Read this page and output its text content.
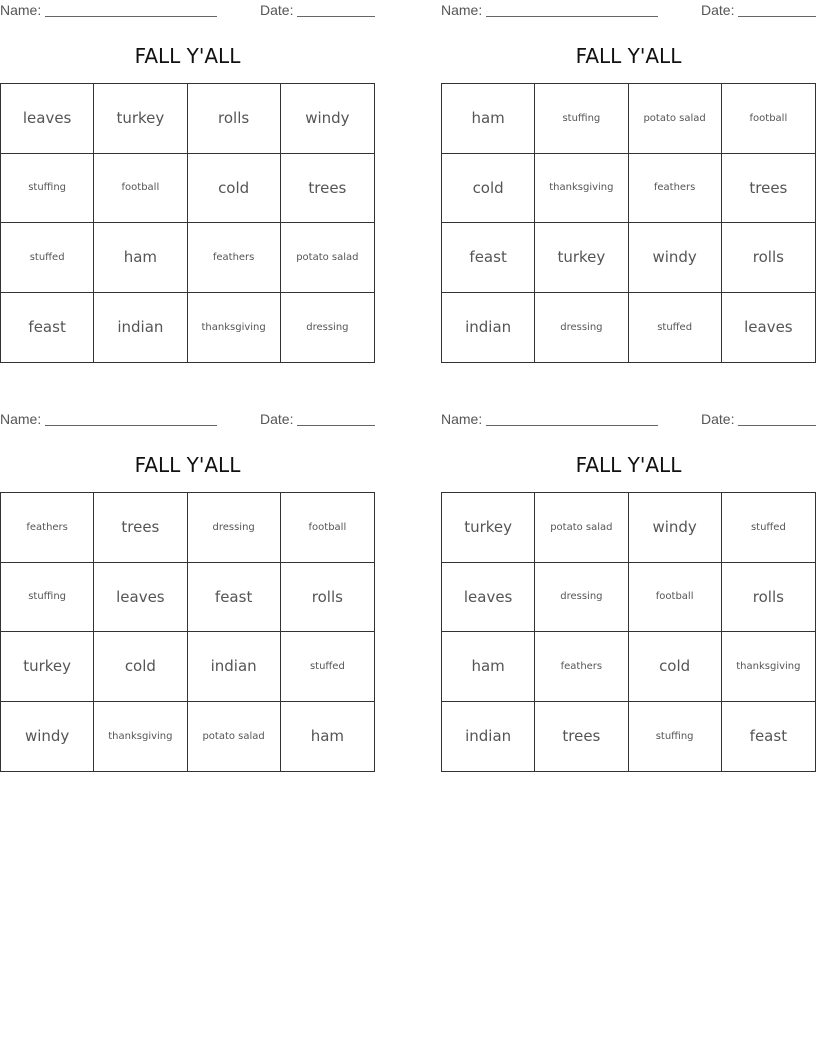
Name:	Date:
FALL Y'ALL
leaves	turkey	rolls	windy
stuffing	football	cold	trees
stuffed	ham	feathers	potato salad
feast	indian	thanksgiving	dressing
Name:	Date:
FALL Y'ALL
ham	stuffing	potato salad	football
cold	thanksgiving	feathers	trees
feast	turkey	windy	rolls
indian	dressing	stuffed	leaves
Name:	Date:
FALL Y'ALL
feathers	trees	dressing	football
stuffing	leaves	feast	rolls
turkey	cold	indian	stuffed
windy	thanksgiving	potato salad	ham
Name:	Date:
FALL Y'ALL
turkey	potato salad	windy	stuffed
leaves	dressing	football	rolls
ham	feathers	cold	thanksgiving
indian	trees	stuffing	feast
